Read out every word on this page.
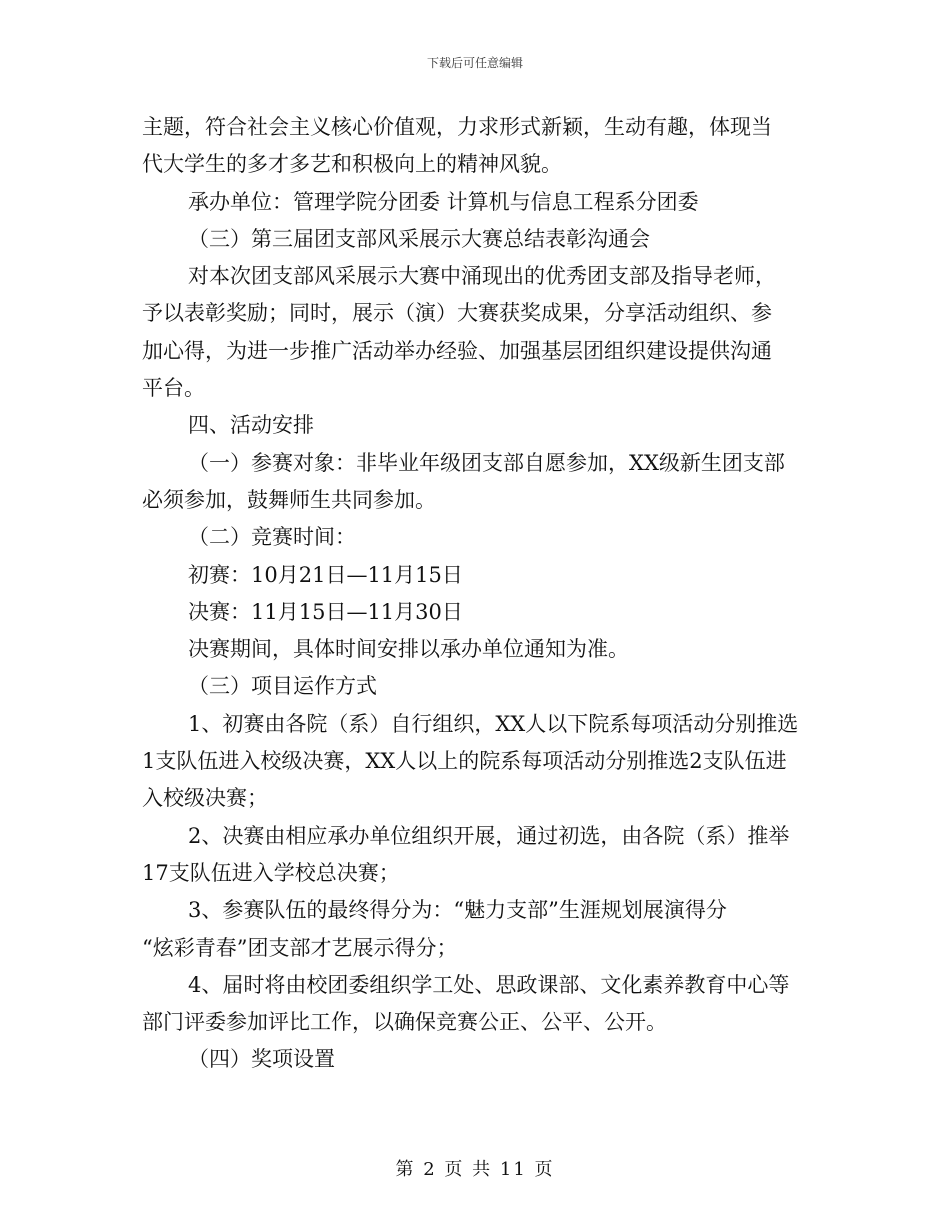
下载后可任意编辑

主题，符合社会主义核心价值观，力求形式新颖，生动有趣，体现当

代大学生的多才多艺和积极向上的精神风貌。

承办单位：管理学院分团委 计算机与信息工程系分团委

（三）第三届团支部风采展示大赛总结表彰沟通会

对本次团支部风采展示大赛中涌现出的优秀团支部及指导老师，

予以表彰奖励；同时，展示（演）大赛获奖成果，分享活动组织、参

加心得，为进一步推广活动举办经验、加强基层团组织建设提供沟通

平台。

四、活动安排

（一）参赛对象：非毕业年级团支部自愿参加，XX级新生团支部

必须参加，鼓舞师生共同参加。

（二）竞赛时间：

初赛：10月21日—11月15日

决赛：11月15日—11月30日

决赛期间，具体时间安排以承办单位通知为准。

（三）项目运作方式

1、初赛由各院（系）自行组织，XX人以下院系每项活动分别推选

1支队伍进入校级决赛，XX人以上的院系每项活动分别推选2支队伍进

入校级决赛；

2、决赛由相应承办单位组织开展，通过初选，由各院（系）推举

17支队伍进入学校总决赛；

3、参赛队伍的最终得分为：“魅力支部”生涯规划展演得分

“炫彩青春”团支部才艺展示得分；

4、届时将由校团委组织学工处、思政课部、文化素养教育中心等

部门评委参加评比工作，以确保竞赛公正、公平、公开。

（四）奖项设置

第 2 页 共 11 页
